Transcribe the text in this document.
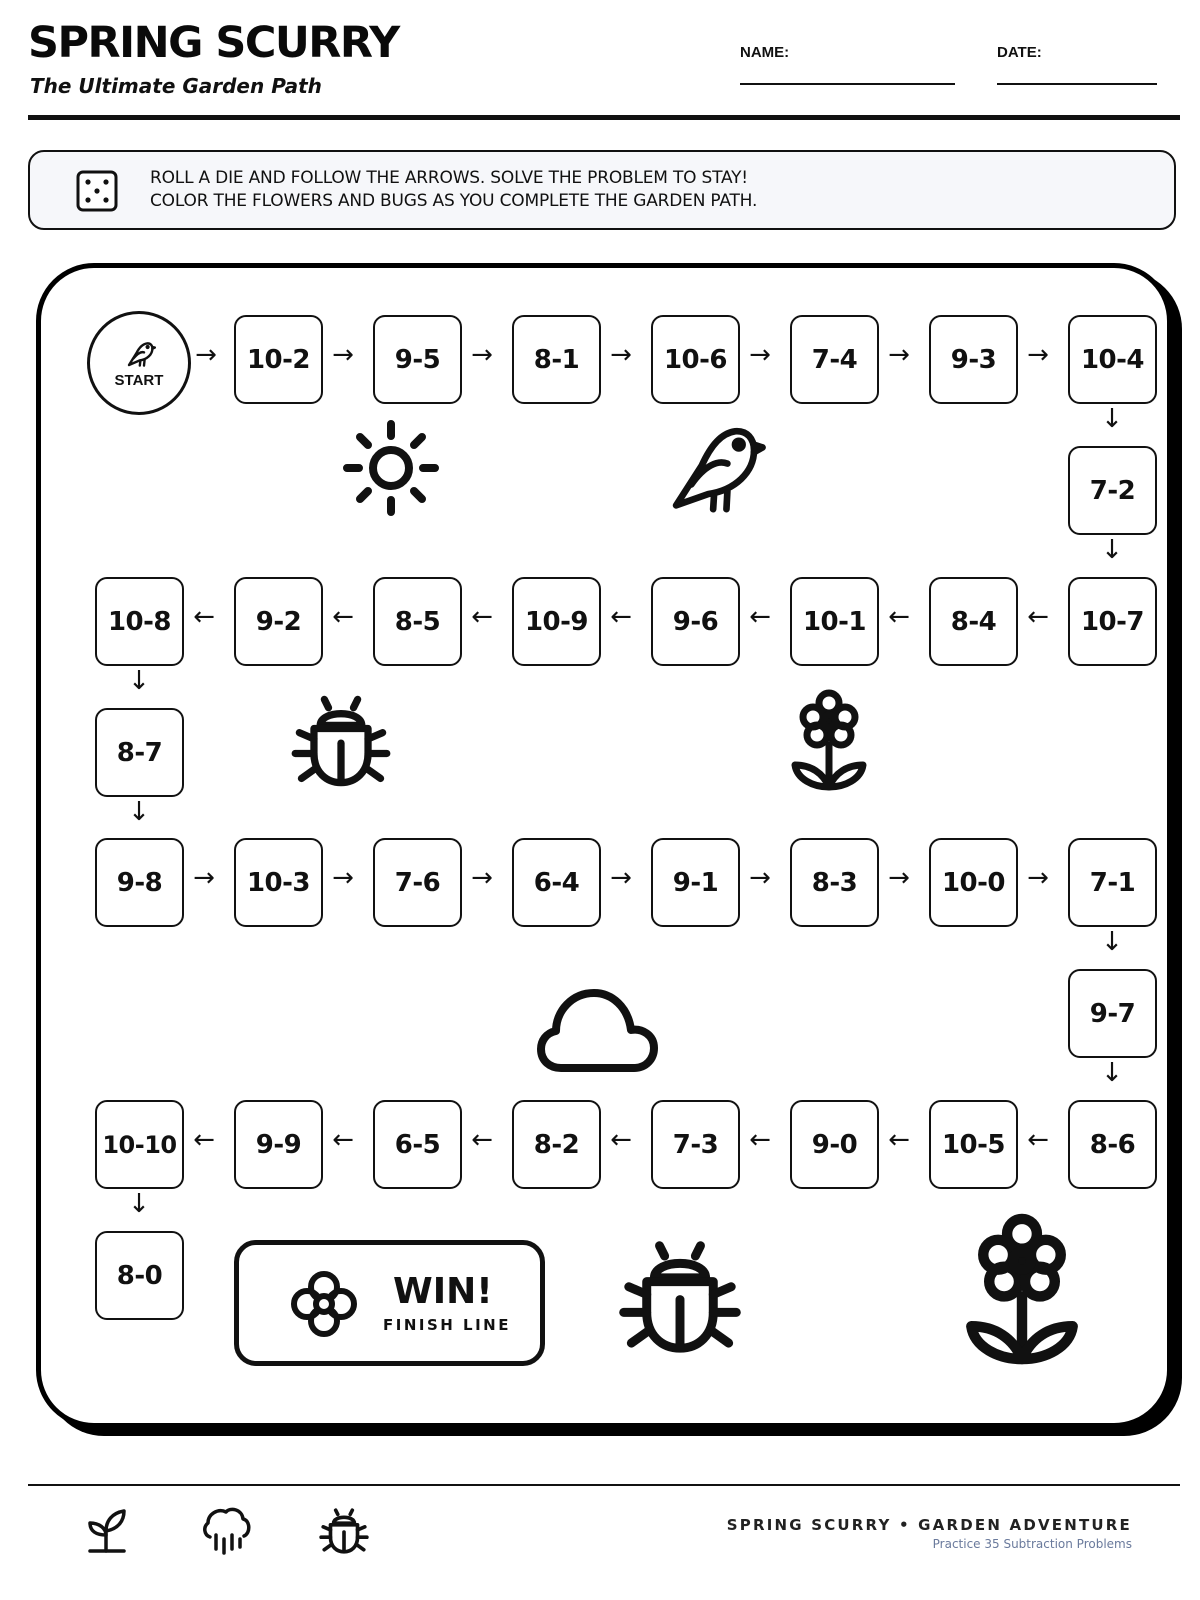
SPRING SCURRY
The Ultimate Garden Path
NAME:	DATE:
ROLL A DIE AND FOLLOW THE ARROWS. SOLVE THE PROBLEM TO STAY!
COLOR THE FLOWERS AND BUGS AS YOU COMPLETE THE GARDEN PATH.
START
WIN!
FINISH LINE
10-2	9-5	8-1	10-6	7-4	9-3	10-4
7-2
10-7
8-4
10-1
9-6
10-9
8-5
9-2
10-8
8-7
9-8	10-3	7-6	6-4	9-1	8-3	10-0	7-1
9-7
8-6
10-5
9-0
7-3
8-2
6-5
9-9
10-10
8-0
→	→	→	→	→	→	→
←	←	←	←	←	←	←
→	→	→	→	→	→	→
←	←	←	←	←	←	←
↓
↓
↓
↓
↓
↓
↓
SPRING SCURRY • GARDEN ADVENTURE
Practice 35 Subtraction Problems
